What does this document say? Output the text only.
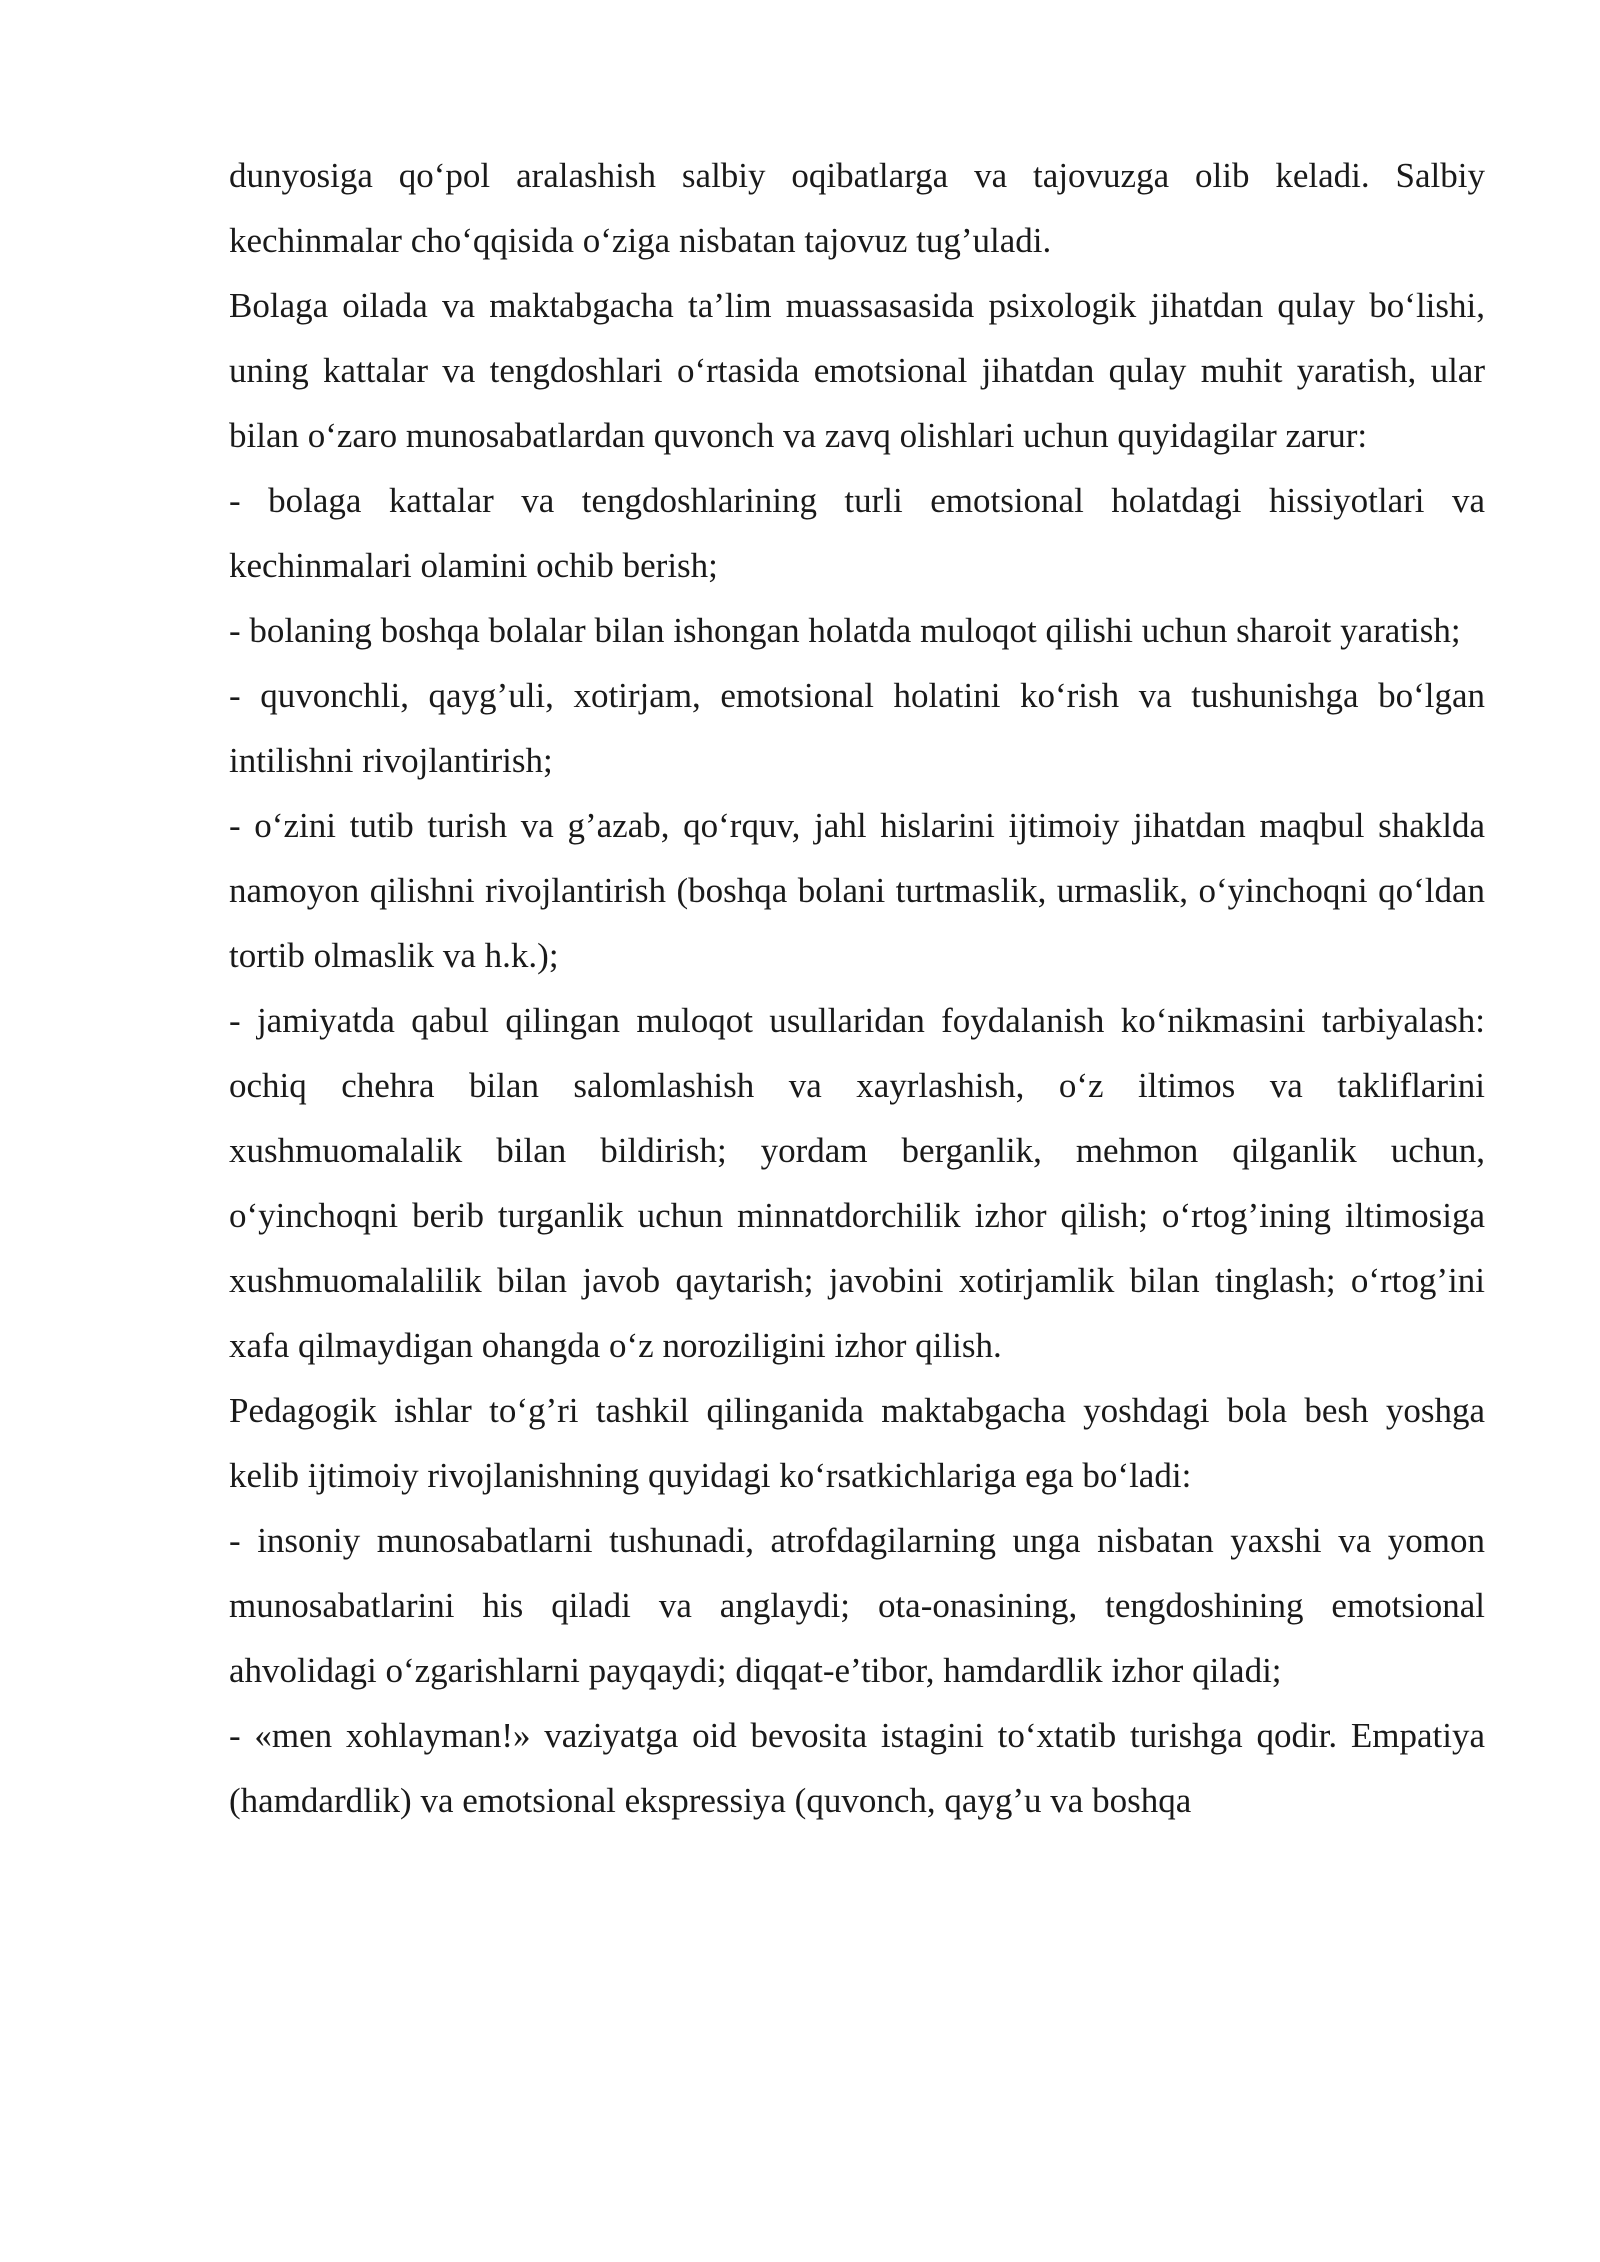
dunyosiga qo‘pol aralashish salbiy oqibatlarga va tajovuzga olib keladi. Salbiy kechinmalar cho‘qqisida o‘ziga nisbatan tajovuz tug’uladi.

Bolaga oilada va maktabgacha ta’lim muassasasida psixologik jihatdan qulay bo‘lishi, uning kattalar va tengdoshlari o‘rtasida emotsional jihatdan qulay muhit yaratish, ular bilan o‘zaro munosabatlardan quvonch va zavq olishlari uchun quyidagilar zarur:

- bolaga kattalar va tengdoshlarining turli emotsional holatdagi hissiyotlari va kechinmalari olamini ochib berish;

- bolaning boshqa bolalar bilan ishongan holatda muloqot qilishi uchun sharoit yaratish;

- quvonchli, qayg’uli, xotirjam, emotsional holatini ko‘rish va tushunishga bo‘lgan intilishni rivojlantirish;

- o‘zini tutib turish va g’azab, qo‘rquv, jahl hislarini ijtimoiy jihatdan maqbul shaklda namoyon qilishni rivojlantirish (boshqa bolani turtmaslik, urmaslik, o‘yinchoqni qo‘ldan tortib olmaslik va h.k.);

- jamiyatda qabul qilingan muloqot usullaridan foydalanish ko‘nikmasini tarbiyalash: ochiq chehra bilan salomlashish va xayrlashish, o‘z iltimos va takliflarini xushmuomalalik bilan bildirish; yordam berganlik, mehmon qilganlik uchun, o‘yinchoqni berib turganlik uchun minnatdorchilik izhor qilish; o‘rtog’ining iltimosiga xushmuomalalilik bilan javob qaytarish; javobini xotirjamlik bilan tinglash; o‘rtog’ini xafa qilmaydigan ohangda o‘z noroziligini izhor qilish.

Pedagogik ishlar to‘g’ri tashkil qilinganida maktabgacha yoshdagi bola besh yoshga kelib ijtimoiy rivojlanishning quyidagi ko‘rsatkichlariga ega bo‘ladi:

- insoniy munosabatlarni tushunadi, atrofdagilarning unga nisbatan yaxshi va yomon munosabatlarini his qiladi va anglaydi; ota-onasining, tengdoshining emotsional ahvolidagi o‘zgarishlarni payqaydi; diqqat-e’tibor, hamdardlik izhor qiladi;

- «men xohlayman!» vaziyatga oid bevosita istagini to‘xtatib turishga qodir. Empatiya (hamdardlik) va emotsional ekspressiya (quvonch, qayg’u va boshqa
